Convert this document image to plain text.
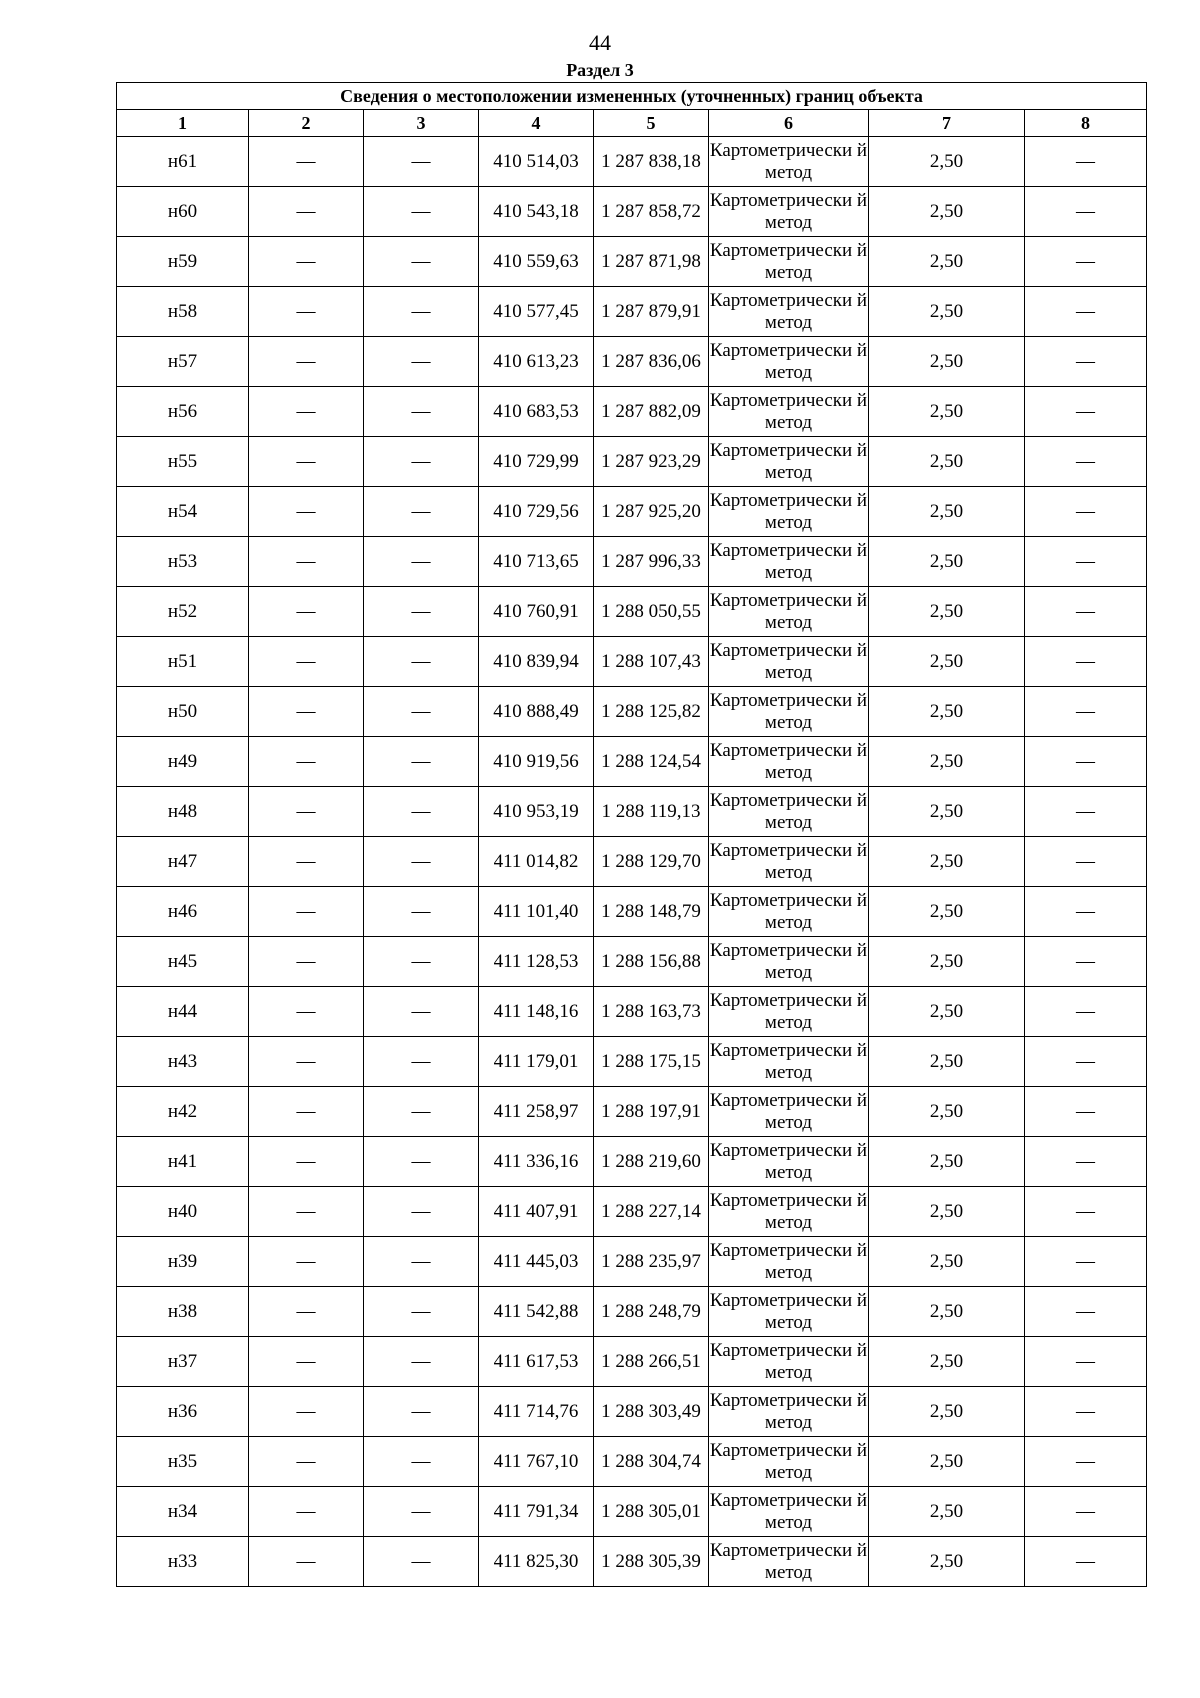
44
Раздел 3
Сведения о местоположении измененных (уточненных) границ объекта							
1	2	3	4	5	6	7	8
н61	—	—	410 514,03	1 287 838,18	Картометрически й метод	2,50	—
н60	—	—	410 543,18	1 287 858,72	Картометрически й метод	2,50	—
н59	—	—	410 559,63	1 287 871,98	Картометрически й метод	2,50	—
н58	—	—	410 577,45	1 287 879,91	Картометрически й метод	2,50	—
н57	—	—	410 613,23	1 287 836,06	Картометрически й метод	2,50	—
н56	—	—	410 683,53	1 287 882,09	Картометрически й метод	2,50	—
н55	—	—	410 729,99	1 287 923,29	Картометрически й метод	2,50	—
н54	—	—	410 729,56	1 287 925,20	Картометрически й метод	2,50	—
н53	—	—	410 713,65	1 287 996,33	Картометрически й метод	2,50	—
н52	—	—	410 760,91	1 288 050,55	Картометрически й метод	2,50	—
н51	—	—	410 839,94	1 288 107,43	Картометрически й метод	2,50	—
н50	—	—	410 888,49	1 288 125,82	Картометрически й метод	2,50	—
н49	—	—	410 919,56	1 288 124,54	Картометрически й метод	2,50	—
н48	—	—	410 953,19	1 288 119,13	Картометрически й метод	2,50	—
н47	—	—	411 014,82	1 288 129,70	Картометрически й метод	2,50	—
н46	—	—	411 101,40	1 288 148,79	Картометрически й метод	2,50	—
н45	—	—	411 128,53	1 288 156,88	Картометрически й метод	2,50	—
н44	—	—	411 148,16	1 288 163,73	Картометрически й метод	2,50	—
н43	—	—	411 179,01	1 288 175,15	Картометрически й метод	2,50	—
н42	—	—	411 258,97	1 288 197,91	Картометрически й метод	2,50	—
н41	—	—	411 336,16	1 288 219,60	Картометрически й метод	2,50	—
н40	—	—	411 407,91	1 288 227,14	Картометрически й метод	2,50	—
н39	—	—	411 445,03	1 288 235,97	Картометрически й метод	2,50	—
н38	—	—	411 542,88	1 288 248,79	Картометрически й метод	2,50	—
н37	—	—	411 617,53	1 288 266,51	Картометрически й метод	2,50	—
н36	—	—	411 714,76	1 288 303,49	Картометрически й метод	2,50	—
н35	—	—	411 767,10	1 288 304,74	Картометрически й метод	2,50	—
н34	—	—	411 791,34	1 288 305,01	Картометрически й метод	2,50	—
н33	—	—	411 825,30	1 288 305,39	Картометрически й метод	2,50	—
